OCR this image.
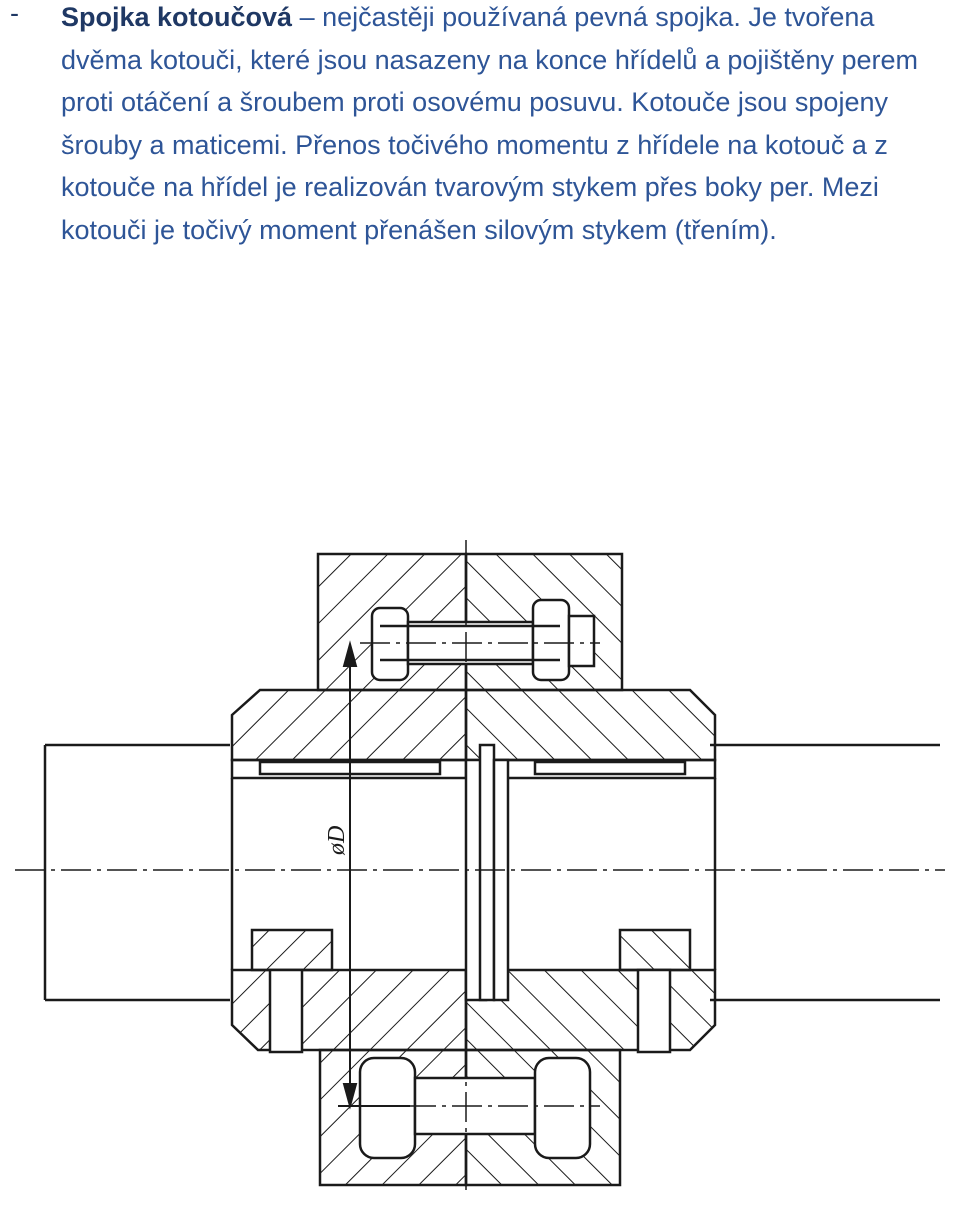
- Spojka kotoučová – nejčastěji používaná pevná spojka. Je tvořena dvěma kotouči, které jsou nasazeny na konce hřídelů a pojištěny perem proti otáčení a šroubem proti osovému posuvu. Kotouče jsou spojeny šrouby a maticemi. Přenos točivého momentu z hřídele na kotouč a z kotouče na hřídel je realizován tvarovým stykem přes boky per. Mezi kotouči je točivý moment přenášen silovým stykem (třením).
øD
